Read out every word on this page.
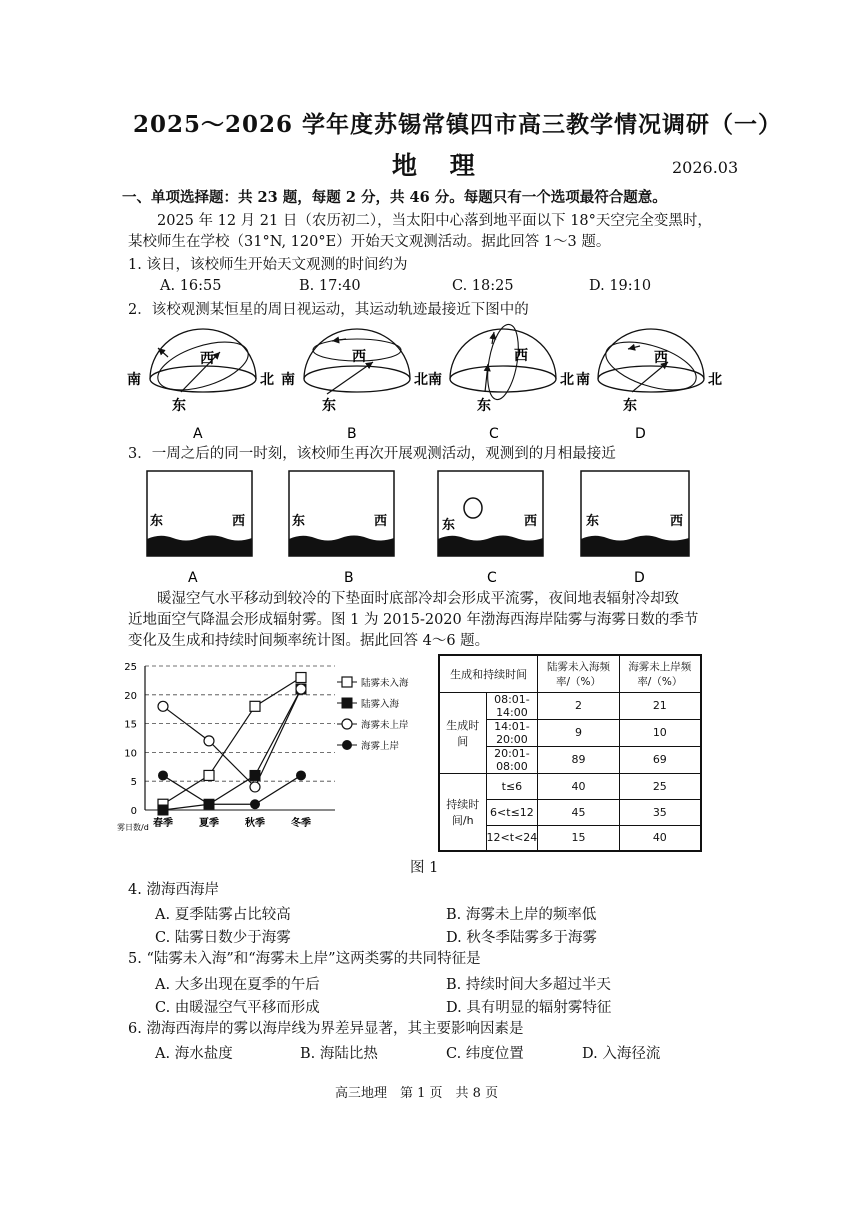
2025～2026 学年度苏锡常镇四市高三教学情况调研（一）
地 理	2026.03
一、单项选择题：共 23 题，每题 2 分，共 46 分。每题只有一个选项最符合题意。
2025 年 12 月 21 日（农历初二），当太阳中心落到地平面以下 18°天空完全变黑时，
某校师生在学校（31°N, 120°E）开始天文观测活动。据此回答 1～3 题。
1. 该日，该校师生开始天文观测的时间约为
A. 16:55	B. 17:40	C. 18:25	D. 19:10
2．该校观测某恒星的周日视运动，其运动轨迹最接近下图中的
西
南	北
东
西
南	北
东
西
南	北
东
西
南	北
东
A	B	C	D
3．一周之后的同一时刻，该校师生再次开展观测活动，观测到的月相最接近
东	西	东	西	东	西	东	西
A	B	C	D
暖湿空气水平移动到较冷的下垫面时底部冷却会形成平流雾，夜间地表辐射冷却致
近地面空气降温会形成辐射雾。图 1 为 2015-2020 年渤海西海岸陆雾与海雾日数的季节
变化及生成和持续时间频率统计图。据此回答 4～6 题。
0
5
10
15
20
25
春季	夏季	秋季	冬季
陆雾未入海
陆雾入海
海雾未上岸
海雾上岸
雾日数/d
生成和持续时间		陆雾未入海频率/（%）	海雾未上岸频率/（%）
生成时间	08:01-14:00	2	21
	14:01-20:00	9	10
	20:01-08:00	89	69
持续时间/h	t≤6	40	25
	6<t≤12	45	35
	12<t<24	15	40
图 1
4. 渤海西海岸
A. 夏季陆雾占比较高	B. 海雾未上岸的频率低
C. 陆雾日数少于海雾	D. 秋冬季陆雾多于海雾
5. “陆雾未入海”和“海雾未上岸”这两类雾的共同特征是
A. 大多出现在夏季的午后	B. 持续时间大多超过半天
C. 由暖湿空气平移而形成	D. 具有明显的辐射雾特征
6. 渤海西海岸的雾以海岸线为界差异显著，其主要影响因素是
A. 海水盐度	B. 海陆比热	C. 纬度位置	D. 入海径流
高三地理　第 1 页　共 8 页
